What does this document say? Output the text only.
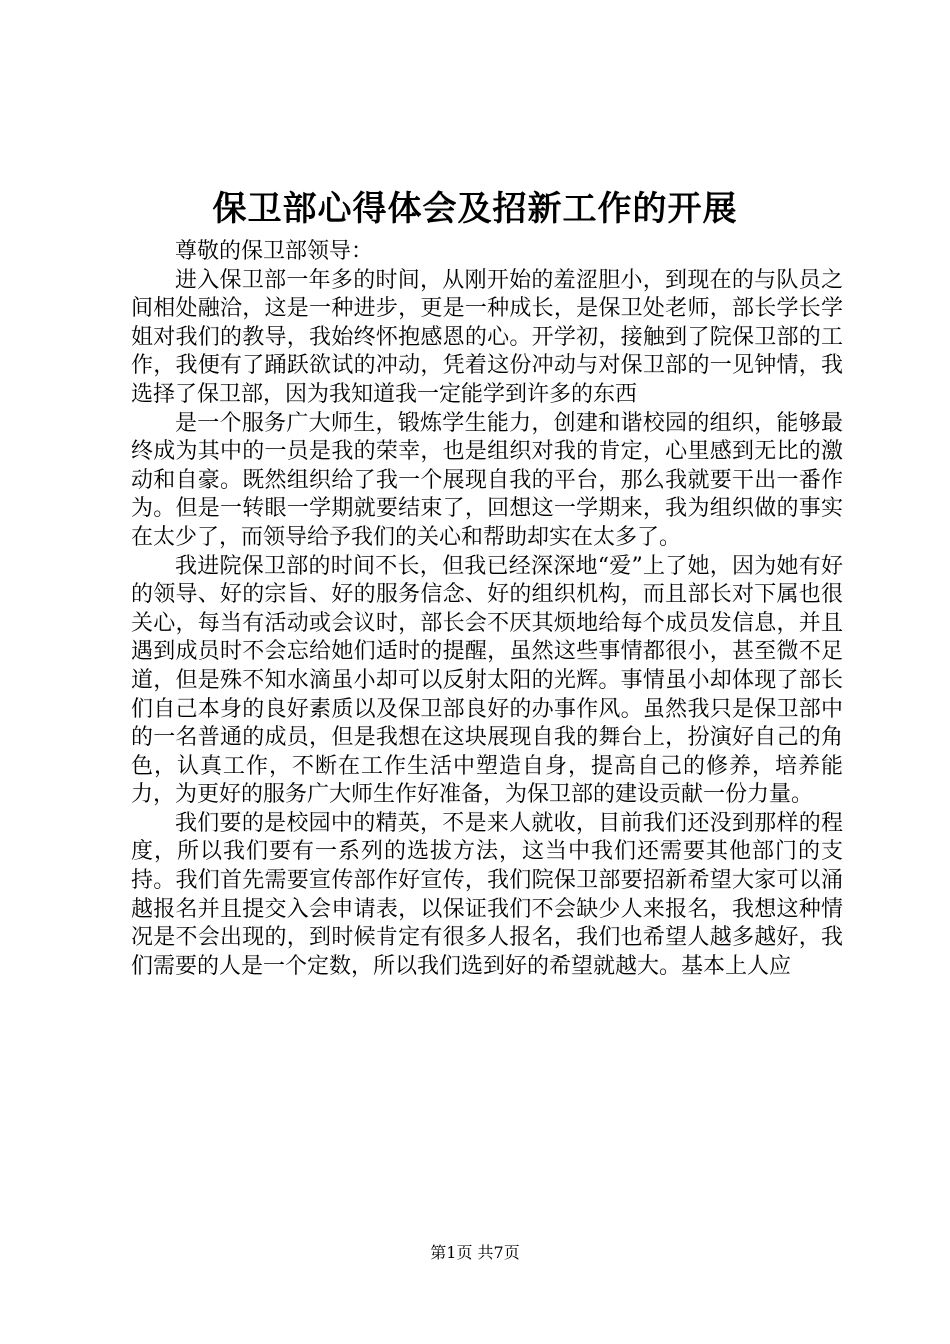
保卫部心得体会及招新工作的开展

尊敬的保卫部领导：

进入保卫部一年多的时间，从刚开始的羞涩胆小，到现在的与队员之间相处融洽，这是一种进步，更是一种成长，是保卫处老师，部长学长学姐对我们的教导，我始终怀抱感恩的心。开学初，接触到了院保卫部的工作，我便有了踊跃欲试的冲动，凭着这份冲动与对保卫部的一见钟情，我选择了保卫部，因为我知道我一定能学到许多的东西

是一个服务广大师生，锻炼学生能力，创建和谐校园的组织，能够最终成为其中的一员是我的荣幸，也是组织对我的肯定，心里感到无比的激动和自豪。既然组织给了我一个展现自我的平台，那么我就要干出一番作为。但是一转眼一学期就要结束了，回想这一学期来，我为组织做的事实在太少了，而领导给予我们的关心和帮助却实在太多了。

我进院保卫部的时间不长，但我已经深深地“爱”上了她，因为她有好的领导、好的宗旨、好的服务信念、好的组织机构，而且部长对下属也很关心，每当有活动或会议时，部长会不厌其烦地给每个成员发信息，并且遇到成员时不会忘给她们适时的提醒，虽然这些事情都很小，甚至微不足道，但是殊不知水滴虽小却可以反射太阳的光辉。事情虽小却体现了部长们自己本身的良好素质以及保卫部良好的办事作风。虽然我只是保卫部中的一名普通的成员，但是我想在这块展现自我的舞台上，扮演好自己的角色，认真工作，不断在工作生活中塑造自身，提高自己的修养，培养能力，为更好的服务广大师生作好准备，为保卫部的建设贡献一份力量。

我们要的是校园中的精英，不是来人就收，目前我们还没到那样的程度，所以我们要有一系列的选拔方法，这当中我们还需要其他部门的支持。我们首先需要宣传部作好宣传，我们院保卫部要招新希望大家可以涌越报名并且提交入会申请表，以保证我们不会缺少人来报名，我想这种情况是不会出现的，到时候肯定有很多人报名，我们也希望人越多越好，我们需要的人是一个定数，所以我们选到好的希望就越大。基本上人应

第1页 共7页
